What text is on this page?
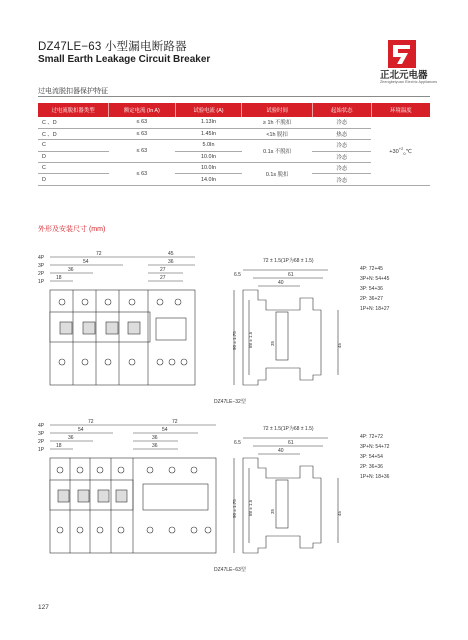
DZ47LE−63 小型漏电断路器
Small Earth Leakage Circuit Breaker
正北元电器
Zhengbeiyuan Electric Appliances
过电流脱扣器保护特征
过电流脱扣器类型	额定电流 (In A)	试验电流 (A)	试验时间	起始状态	环境温度
C 、D	≤ 63	1.13In	≥ 1h 不脱扣	冷态	$+30^{+2}_0℃$
C 、D	≤ 63	1.45In	<1h 脱扣	热态	
C	≤ 63	5.0In	0.1s 不脱扣	冷态	
D		10.0In		冷态	
C	≤ 63	10.0In	0.1s 脱扣	冷态	
D		14.0In		冷态	
外形及安装尺寸 (mm)
4P
3P
2P
1P
72	45
54	36
36	27
18	27
72 ± 1.5(1P为68 ± 1.5)
6.5	61
40
90 ± 1.75 88 ± 1.5	35	45
4P: 72+45
3P+N: 54+45
3P: 54+36
2P: 36+27
1P+N: 18+27
DZ47LE−32型
4P
3P
2P
1P
72	72
54	54
36	36
18	36
72 ± 1.5(1P为68 ± 1.5)
6.5	61
40
90 ± 1.75 88 ± 1.5	35	45
4P: 72+72
3P+N: 54+72
3P: 54+54
2P: 36+36
1P+N: 18+36
DZ47LE−63型
127
